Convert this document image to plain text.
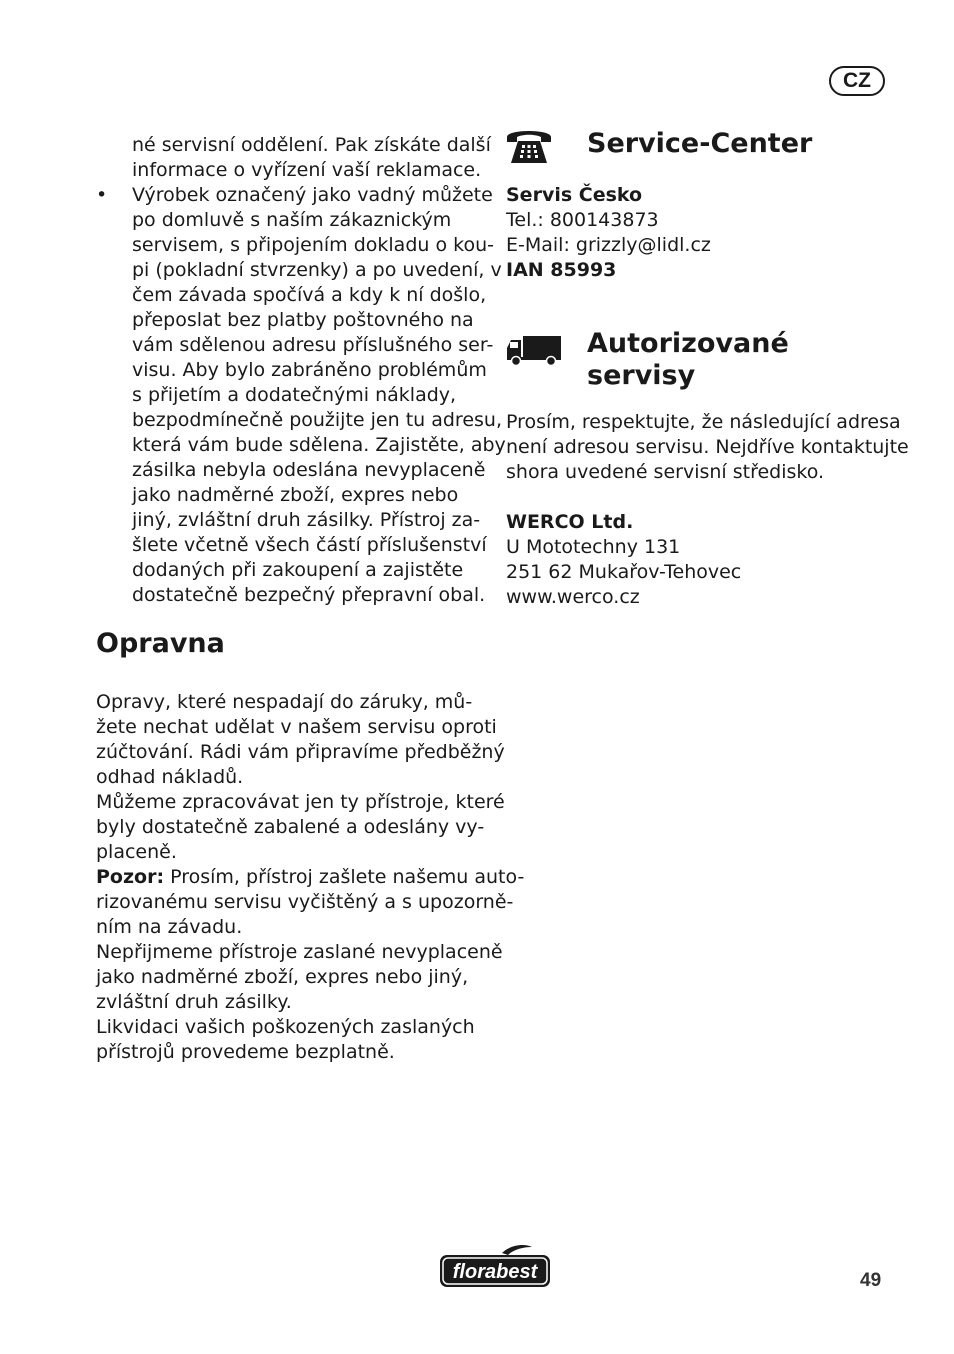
CZ
né servisní oddělení. Pak získáte další
informace o vyřízení vaší reklamace.
• Výrobek označený jako vadný můžete
po domluvě s naším zákaznickým
servisem, s připojením dokladu o kou-
pi (pokladní stvrzenky) a po uvedení, v
čem závada spočívá a kdy k ní došlo,
přeposlat bez platby poštovného na
vám sdělenou adresu příslušného ser-
visu. Aby bylo zabráněno problémům
s přijetím a dodatečnými náklady,
bezpodmínečně použijte jen tu adresu,
která vám bude sdělena. Zajistěte, aby
zásilka nebyla odeslána nevyplaceně
jako nadměrné zboží, expres nebo
jiný, zvláštní druh zásilky. Přístroj za-
šlete včetně všech částí příslušenství
dodaných při zakoupení a zajistěte
dostatečně bezpečný přepravní obal.
Opravna
Opravy, které nespadají do záruky, mů-
žete nechat udělat v našem servisu oproti
zúčtování. Rádi vám připravíme předběžný
odhad nákladů.
Můžeme zpracovávat jen ty přístroje, které
byly dostatečně zabalené a odeslány vy-
placeně.
Pozor: Prosím, přístroj zašlete našemu auto-
rizovanému servisu vyčištěný a s upozorně-
ním na závadu.
Nepřijmeme přístroje zaslané nevyplaceně
jako nadměrné zboží, expres nebo jiný,
zvláštní druh zásilky.
Likvidaci vašich poškozených zaslaných
přístrojů provedeme bezplatně.
Service-Center
Autorizované
servisy
Servis Česko
Tel.: 800143873
E-Mail: grizzly@lidl.cz
IAN 85993
Prosím, respektujte, že následující adresa
není adresou servisu. Nejdříve kontaktujte
shora uvedené servisní středisko.
WERCO Ltd.
U Mototechny 131
251 62 Mukařov-Tehovec
www.werco.cz
florabest	49
